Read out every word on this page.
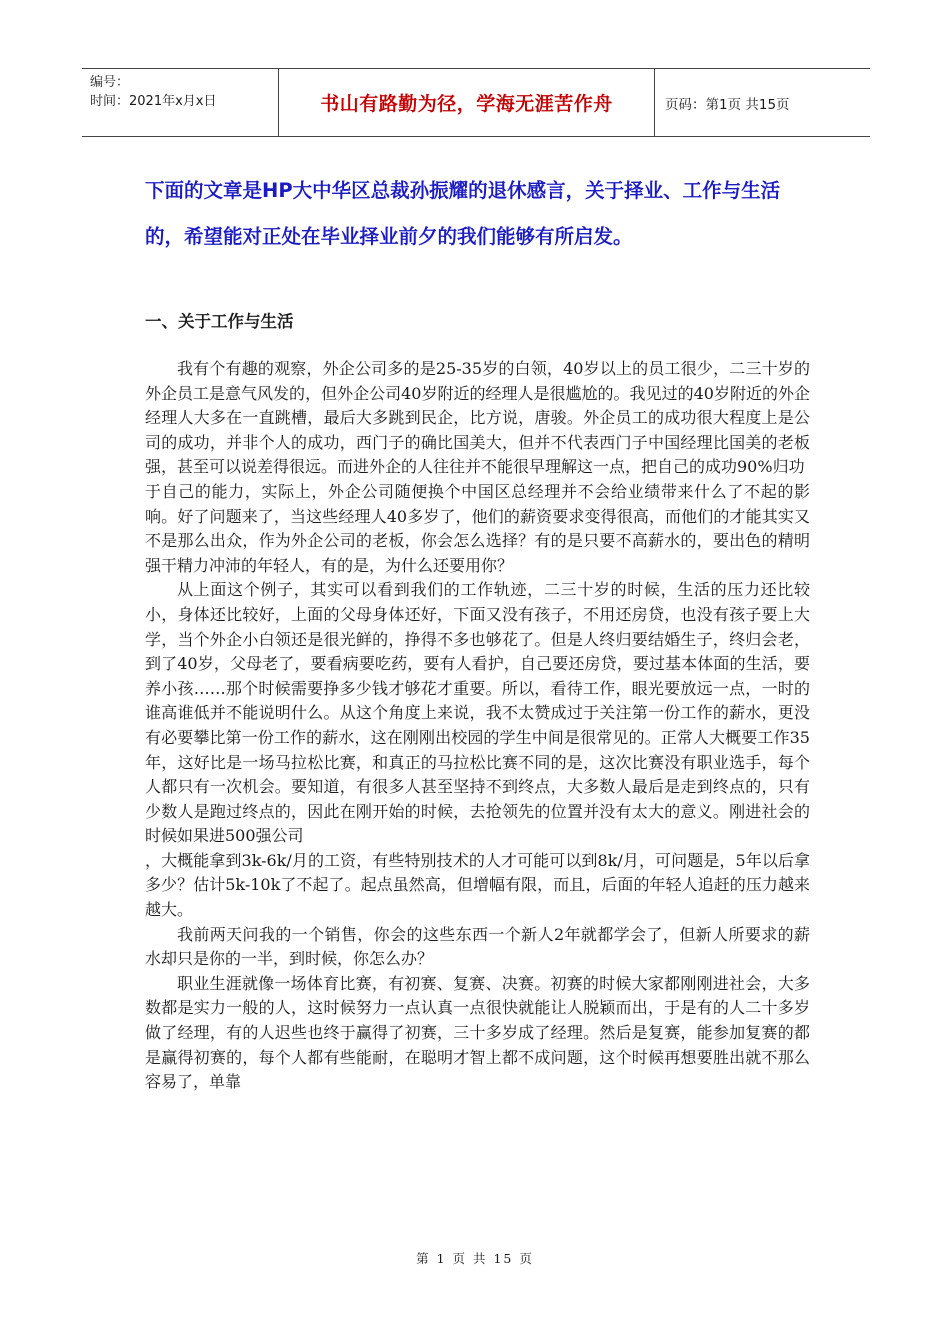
编号：
时间：2021年x月x日	书山有路勤为径，学海无涯苦作舟	页码：第1页 共15页
下面的文章是HP大中华区总裁孙振耀的退休感言，关于择业、工作与生活的，希望能对正处在毕业择业前夕的我们能够有所启发。
一、关于工作与生活

我有个有趣的观察，外企公司多的是25-35岁的白领，40岁以上的员工很少，二三十岁的外企员工是意气风发的，但外企公司40岁附近的经理人是很尴尬的。我见过的40岁附近的外企经理人大多在一直跳槽，最后大多跳到民企，比方说，唐骏。外企员工的成功很大程度上是公司的成功，并非个人的成功，西门子的确比国美大，但并不代表西门子中国经理比国美的老板强，甚至可以说差得很远。而进外企的人往往并不能很早理解这一点，把自己的成功90%归功

于自己的能力，实际上，外企公司随便换个中国区总经理并不会给业绩带来什么了不起的影响。好了问题来了，当这些经理人40多岁了，他们的薪资要求变得很高，而他们的才能其实又不是那么出众，作为外企公司的老板，你会怎么选择？有的是只要不高薪水的，要出色的精明强干精力冲沛的年轻人，有的是，为什么还要用你？

从上面这个例子，其实可以看到我们的工作轨迹，二三十岁的时候，生活的压力还比较小，身体还比较好，上面的父母身体还好，下面又没有孩子，不用还房贷，也没有孩子要上大学，当个外企小白领还是很光鲜的，挣得不多也够花了。但是人终归要结婚生子，终归会老，到了40岁，父母老了，要看病要吃药，要有人看护，自己要还房贷，要过基本体面的生活，要养小孩……那个时候需要挣多少钱才够花才重要。所以，看待工作，眼光要放远一点，一时的谁高谁低并不能说明什么。从这个角度上来说，我不太赞成过于关注第一份工作的薪水，更没有必要攀比第一份工作的薪水，这在刚刚出校园的学生中间是很常见的。正常人大概要工作35年，这好比是一场马拉松比赛，和真正的马拉松比赛不同的是，这次比赛没有职业选手，每个人都只有一次机会。要知道，有很多人甚至坚持不到终点，大多数人最后是走到终点的，只有少数人是跑过终点的，因此在刚开始的时候，去抢领先的位置并没有太大的意义。刚进社会的时候如果进500强公司

，大概能拿到3k-6k/月的工资，有些特别技术的人才可能可以到8k/月，可问题是，5年以后拿多少？估计5k-10k了不起了。起点虽然高，但增幅有限，而且，后面的年轻人追赶的压力越来越大。

我前两天问我的一个销售，你会的这些东西一个新人2年就都学会了，但新人所要求的薪水却只是你的一半，到时候，你怎么办？

职业生涯就像一场体育比赛，有初赛、复赛、决赛。初赛的时候大家都刚刚进社会，大多数都是实力一般的人，这时候努力一点认真一点很快就能让人脱颖而出，于是有的人二十多岁做了经理，有的人迟些也终于赢得了初赛，三十多岁成了经理。然后是复赛，能参加复赛的都是赢得初赛的，每个人都有些能耐，在聪明才智上都不成问题，这个时候再想要胜出就不那么容易了，单靠

第 1 页 共 15 页
